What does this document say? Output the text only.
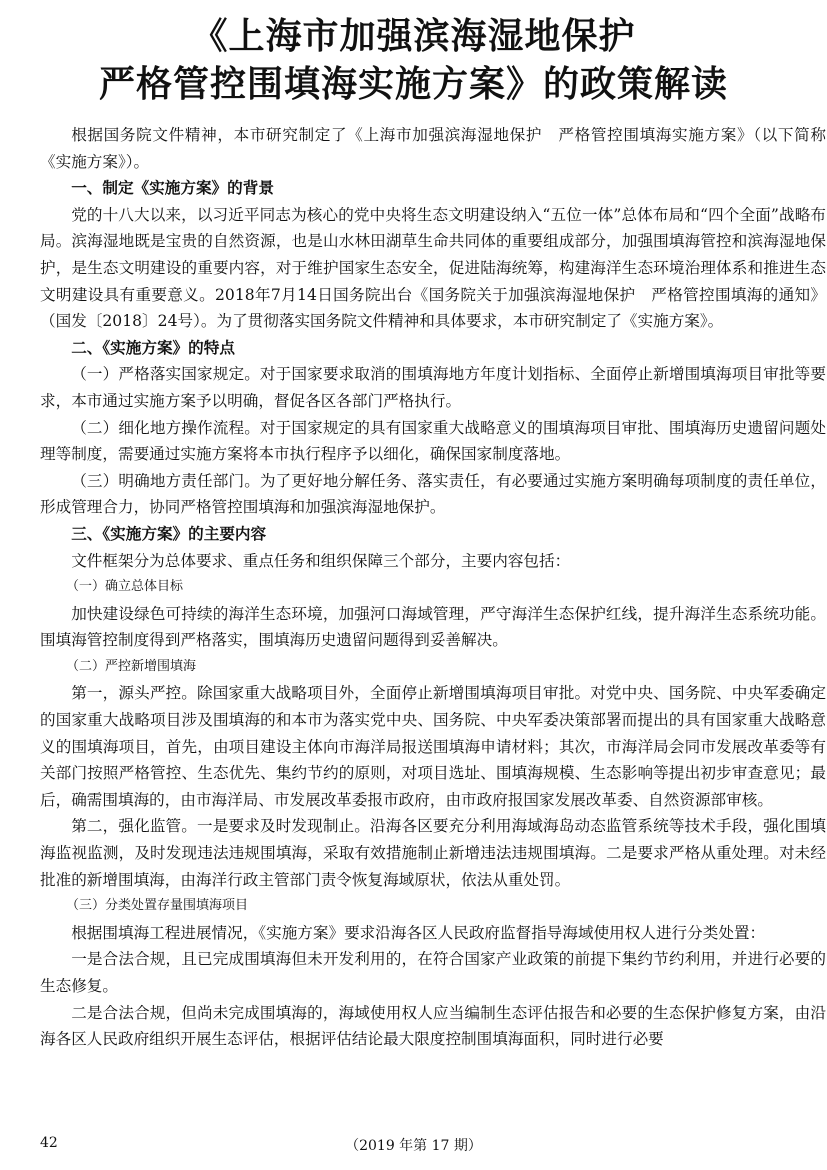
《上海市加强滨海湿地保护
严格管控围填海实施方案》的政策解读

根据国务院文件精神，本市研究制定了《上海市加强滨海湿地保护　严格管控围填海实施方案》（以下简称《实施方案》）。

一、制定《实施方案》的背景

党的十八大以来，以习近平同志为核心的党中央将生态文明建设纳入“五位一体”总体布局和“四个全面”战略布局。滨海湿地既是宝贵的自然资源，也是山水林田湖草生命共同体的重要组成部分，加强围填海管控和滨海湿地保护，是生态文明建设的重要内容，对于维护国家生态安全，促进陆海统筹，构建海洋生态环境治理体系和推进生态文明建设具有重要意义。2018年7月14日国务院出台《国务院关于加强滨海湿地保护　严格管控围填海的通知》（国发〔2018〕24号）。为了贯彻落实国务院文件精神和具体要求，本市研究制定了《实施方案》。

二、《实施方案》的特点

（一）严格落实国家规定。对于国家要求取消的围填海地方年度计划指标、全面停止新增围填海项目审批等要求，本市通过实施方案予以明确，督促各区各部门严格执行。

（二）细化地方操作流程。对于国家规定的具有国家重大战略意义的围填海项目审批、围填海历史遗留问题处理等制度，需要通过实施方案将本市执行程序予以细化，确保国家制度落地。

（三）明确地方责任部门。为了更好地分解任务、落实责任，有必要通过实施方案明确每项制度的责任单位，形成管理合力，协同严格管控围填海和加强滨海湿地保护。

三、《实施方案》的主要内容

文件框架分为总体要求、重点任务和组织保障三个部分，主要内容包括：

（一）确立总体目标

加快建设绿色可持续的海洋生态环境，加强河口海域管理，严守海洋生态保护红线，提升海洋生态系统功能。围填海管控制度得到严格落实，围填海历史遗留问题得到妥善解决。

（二）严控新增围填海

第一，源头严控。除国家重大战略项目外，全面停止新增围填海项目审批。对党中央、国务院、中央军委确定的国家重大战略项目涉及围填海的和本市为落实党中央、国务院、中央军委决策部署而提出的具有国家重大战略意义的围填海项目，首先，由项目建设主体向市海洋局报送围填海申请材料；其次，市海洋局会同市发展改革委等有关部门按照严格管控、生态优先、集约节约的原则，对项目选址、围填海规模、生态影响等提出初步审查意见；最后，确需围填海的，由市海洋局、市发展改革委报市政府，由市政府报国家发展改革委、自然资源部审核。

第二，强化监管。一是要求及时发现制止。沿海各区要充分利用海域海岛动态监管系统等技术手段，强化围填海监视监测，及时发现违法违规围填海，采取有效措施制止新增违法违规围填海。二是要求严格从重处理。对未经批准的新增围填海，由海洋行政主管部门责令恢复海域原状，依法从重处罚。

（三）分类处置存量围填海项目

根据围填海工程进展情况，《实施方案》要求沿海各区人民政府监督指导海域使用权人进行分类处置：

一是合法合规，且已完成围填海但未开发利用的，在符合国家产业政策的前提下集约节约利用，并进行必要的生态修复。

二是合法合规，但尚未完成围填海的，海域使用权人应当编制生态评估报告和必要的生态保护修复方案，由沿海各区人民政府组织开展生态评估，根据评估结论最大限度控制围填海面积，同时进行必要

42	（2019 年第 17 期）
